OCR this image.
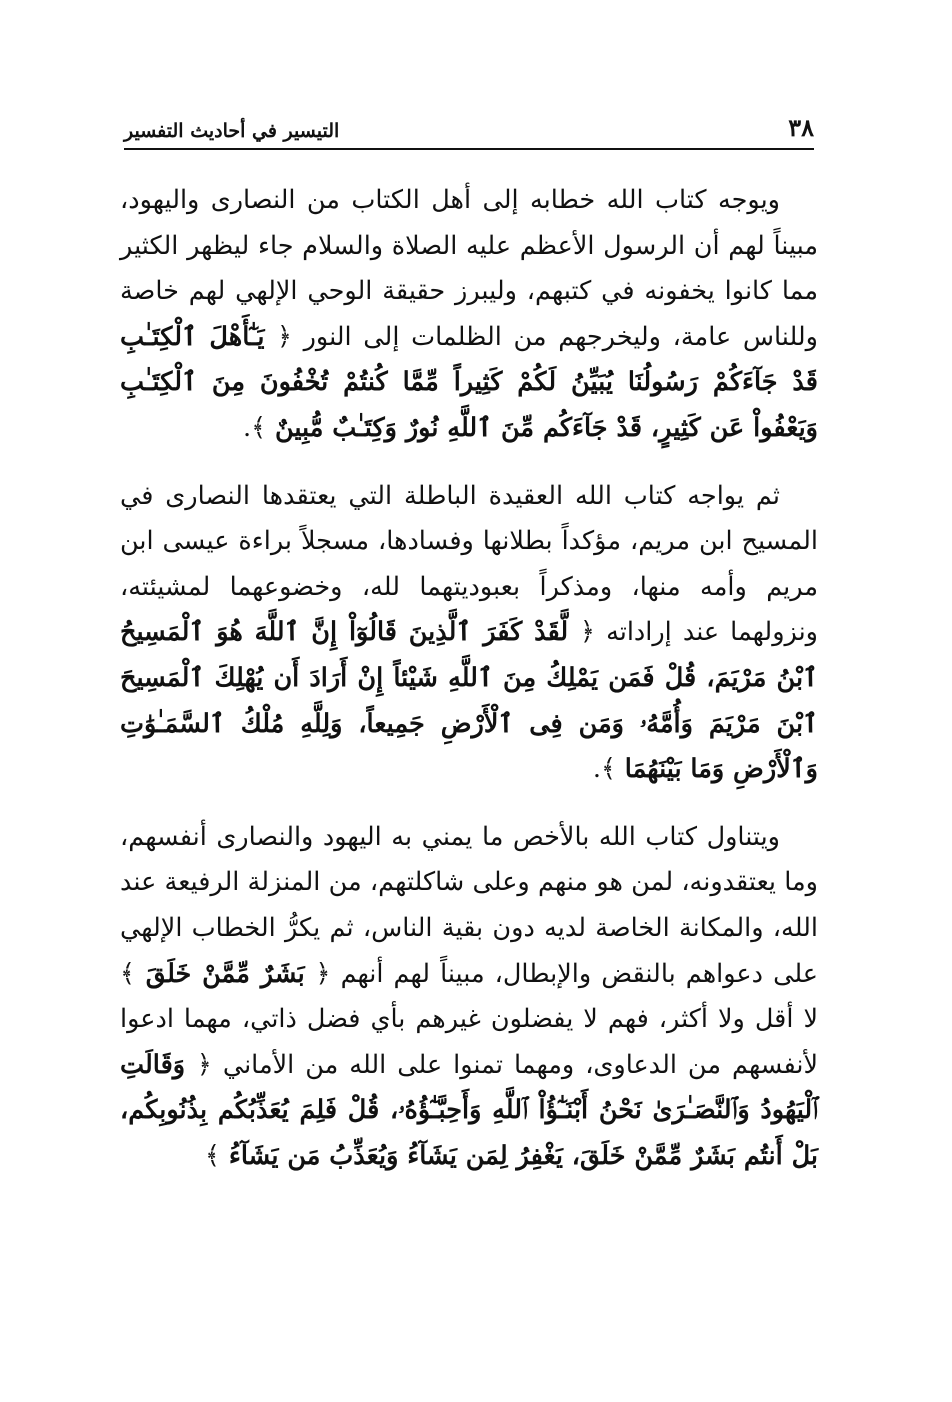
٣٨
التيسير في أحاديث التفسير

ويوجه كتاب الله خطابه إلى أهل الكتاب من النصارى واليهود، مبيناً لهم أن الرسول الأعظم عليه الصلاة والسلام جاء ليظهر الكثير مما كانوا يخفونه في كتبهم، وليبرز حقيقة الوحي الإلهي لهم خاصة وللناس عامة، وليخرجهم من الظلمات إلى النور ﴿ يَـٰٓأَهْلَ ٱلْكِتَـٰبِ قَدْ جَآءَكُمْ رَسُولُنَا يُبَيِّنُ لَكُمْ كَثِيراً مِّمَّا كُنتُمْ تُخْفُونَ مِنَ ٱلْكِتَـٰبِ وَيَعْفُواْ عَن كَثِيرٍ، قَدْ جَآءَكُم مِّنَ ٱللَّهِ نُورٌ وَكِتَـٰبٌ مُّبِينٌ ﴾.

ثم يواجه كتاب الله العقيدة الباطلة التي يعتقدها النصارى في المسيح ابن مريم، مؤكداً بطلانها وفسادها، مسجلاً براءة عيسى ابن مريم وأمه منها، ومذكراً بعبوديتهما لله، وخضوعهما لمشيئته، ونزولهما عند إراداته ﴿ لَّقَدْ كَفَرَ ٱلَّذِينَ قَالُوٓاْ إِنَّ ٱللَّهَ هُوَ ٱلْمَسِيحُ ٱبْنُ مَرْيَمَ، قُلْ فَمَن يَمْلِكُ مِنَ ٱللَّهِ شَيْئاً إِنْ أَرَادَ أَن يُهْلِكَ ٱلْمَسِيحَ ٱبْنَ مَرْيَمَ وَأُمَّهُۥ وَمَن فِى ٱلْأَرْضِ جَمِيعاً، وَلِلَّهِ مُلْكُ ٱلسَّمَـٰوَٰتِ وَٱلْأَرْضِ وَمَا بَيْنَهُمَا ﴾.

ويتناول كتاب الله بالأخص ما يمني به اليهود والنصارى أنفسهم، وما يعتقدونه، لمن هو منهم وعلى شاكلتهم، من المنزلة الرفيعة عند الله، والمكانة الخاصة لديه دون بقية الناس، ثم يكرُّ الخطاب الإلهي على دعواهم بالنقض والإبطال، مبيناً لهم أنهم ﴿ بَشَرٌ مِّمَّنْ خَلَقَ ﴾ لا أقل ولا أكثر، فهم لا يفضلون غيرهم بأي فضل ذاتي، مهما ادعوا لأنفسهم من الدعاوى، ومهما تمنوا على الله من الأماني ﴿ وَقَالَتِ ٱلْيَهُودُ وَٱلنَّصَـٰرَىٰ نَحْنُ أَبْنَـٰٓؤُاْ ٱللَّهِ وَأَحِبَّـٰٓؤُهُۥ، قُلْ فَلِمَ يُعَذِّبُكُم بِذُنُوبِكُم، بَلْ أَنتُم بَشَرٌ مِّمَّنْ خَلَقَ، يَغْفِرُ لِمَن يَشَآءُ وَيُعَذِّبُ مَن يَشَآءُ ﴾
